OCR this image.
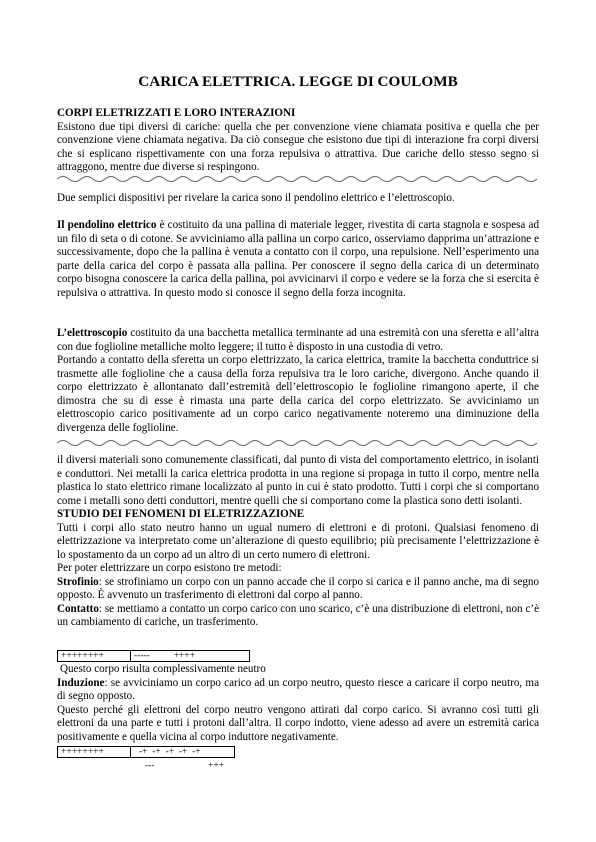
CARICA ELETTRICA. LEGGE DI COULOMB

CORPI ELETRIZZATI E LORO INTERAZIONI

Esistono due tipi diversi di cariche: quella che per convenzione viene chiamata positiva e quella che per convenzione viene chiamata negativa. Da ciò consegue che esistono due tipi di interazione fra corpi diversi che si esplicano rispettivamente con una forza repulsiva o attrattiva. Due cariche dello stesso segno si attraggono, mentre due diverse si respingono.

Due semplici dispositivi per rivelare la carica sono il pendolino elettrico e l’elettroscopio.

Il pendolino elettrico è costituito da una pallina di materiale legger, rivestita di carta stagnola e sospesa ad un filo di seta o di cotone. Se avviciniamo alla pallina un corpo carico, osserviamo dapprima un’attrazione e successivamente, dopo che la pallina è venuta a contatto con il corpo, una repulsione. Nell’esperimento una parte della carica del corpo è passata alla pallina. Per conoscere il segno della carica di un determinato corpo bisogna conoscere la carica della pallina, poi avvicinarvi il corpo e vedere se la forza che si esercita è repulsiva o attrattiva. In questo modo si conosce il segno della forza incognita.

L’elettroscopio costituito da una bacchetta metallica terminante ad una estremità con una sferetta e all’altra con due foglioline metalliche molto leggere; il tutto è disposto in una custodia di vetro.

Portando a contatto della sferetta un corpo elettrizzato, la carica elettrica, tramite la bacchetta conduttrice si trasmette alle foglioline che a causa della forza repulsiva tra le loro cariche, divergono. Anche quando il corpo elettrizzato è allontanato dall’estremità dell’elettroscopio le foglioline rimangono aperte, il che dimostra che su di esse è rimasta una parte della carica del corpo elettrizzato. Se avviciniamo un elettroscopio carico positivamente ad un corpo carico negativamente noteremo una diminuzione della divergenza delle foglioline.

il diversi materiali sono comunemente classificati, dal punto di vista del comportamento elettrico, in isolanti e conduttori. Nei metalli la carica elettrica prodotta in una regione si propaga in tutto il corpo, mentre nella plastica lo stato elettrico rimane localizzato al punto in cui è stato prodotto. Tutti i corpi che si comportano come i metalli sono detti conduttori, mentre quelli che si comportano come la plastica sono detti isolanti.

STUDIO DEI FENOMENI DI ELETRIZZAZIONE

Tutti i corpi allo stato neutro hanno un ugual numero di elettroni e di protoni. Qualsiasi fenomeno di elettrizzazione va interpretato come un’alterazione di questo equilibrio; più precisamente l’elettrizzazione è lo spostamento da un corpo ad un altro di un certo numero di elettroni.

Per poter elettrizzare un corpo esistono tre metodi:

Strofinio: se strofiniamo un corpo con un panno accade che il corpo si carica e il panno anche, ma di segno opposto. È avvenuto un trasferimento di elettroni dal corpo al panno.

Contatto: se mettiamo a contatto un corpo carico con uno scarico, c’è una distribuzione di elettroni, non c’è un cambiamento di cariche, un trasferimento.

++++++++	-----          ++++

Questo corpo risulta complessivamente neutro

Induzione: se avviciniamo un corpo carico ad un corpo neutro, questo riesce a caricare il corpo neutro, ma di segno opposto.

Questo perché gli elettroni del corpo neutro vengono attirati dal corpo carico. Si avranno così tutti gli elettroni da una parte e tutti i protoni dall’altra. Il corpo indotto, viene adesso ad avere un estremità carica positivamente e quella vicina al corpo induttore negativamente.

++++++++	-+  -+  -+  -+  -+
---	+++
